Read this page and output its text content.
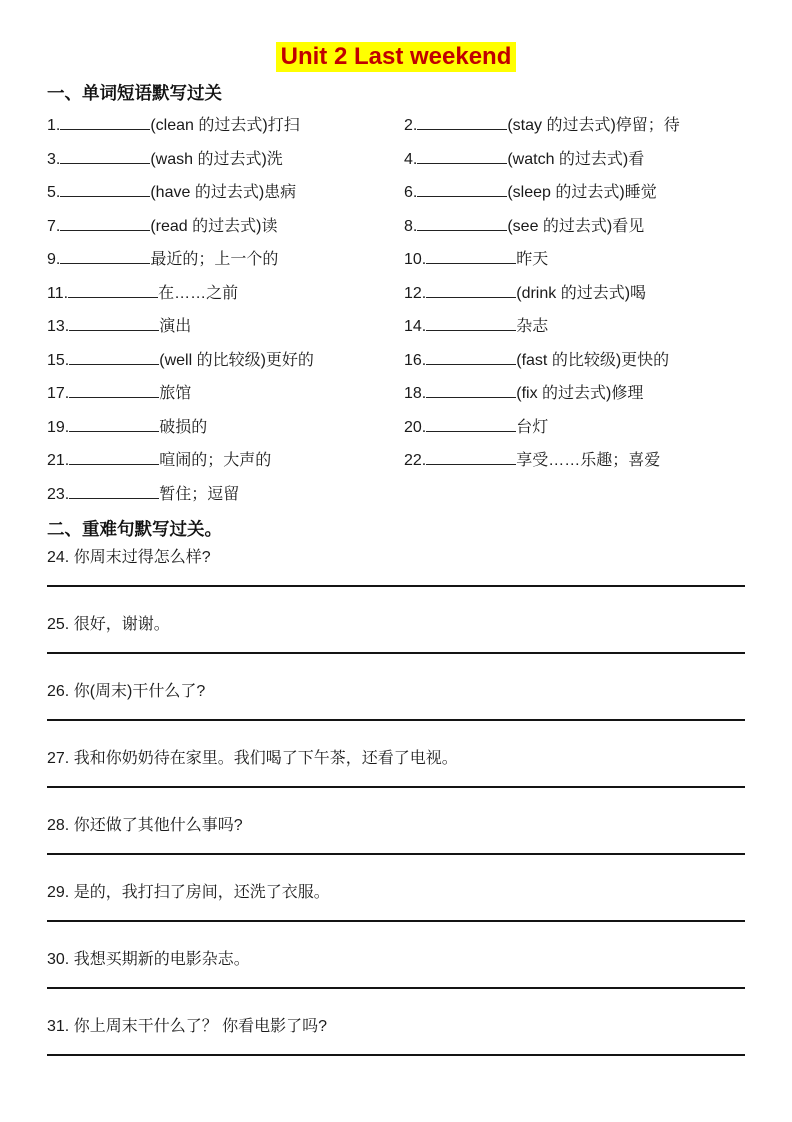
Unit 2 Last weekend
一、单词短语默写过关
1.	(clean 的过去式)打扫	2.	(stay 的过去式)停留；待
3.	(wash 的过去式)洗	4.	(watch 的过去式)看
5.	(have 的过去式)患病	6.	(sleep 的过去式)睡觉
7.	(read 的过去式)读	8.	(see 的过去式)看见
9.	最近的；上一个的	10.	昨天
11.	在……之前	12.	(drink 的过去式)喝
13.	演出	14.	杂志
15.	(well 的比较级)更好的	16.	(fast 的比较级)更快的
17.	旅馆	18.	(fix 的过去式)修理
19.	破损的	20.	台灯
21.	喧闹的；大声的	22.	享受……乐趣；喜爱
23.	暂住；逗留
二、重难句默写过关。
24. 你周末过得怎么样?
25. 很好，谢谢。
26. 你(周末)干什么了?
27. 我和你奶奶待在家里。我们喝了下午茶，还看了电视。
28. 你还做了其他什么事吗?
29. 是的，我打扫了房间，还洗了衣服。
30. 我想买期新的电影杂志。
31. 你上周末干什么了？ 你看电影了吗?
